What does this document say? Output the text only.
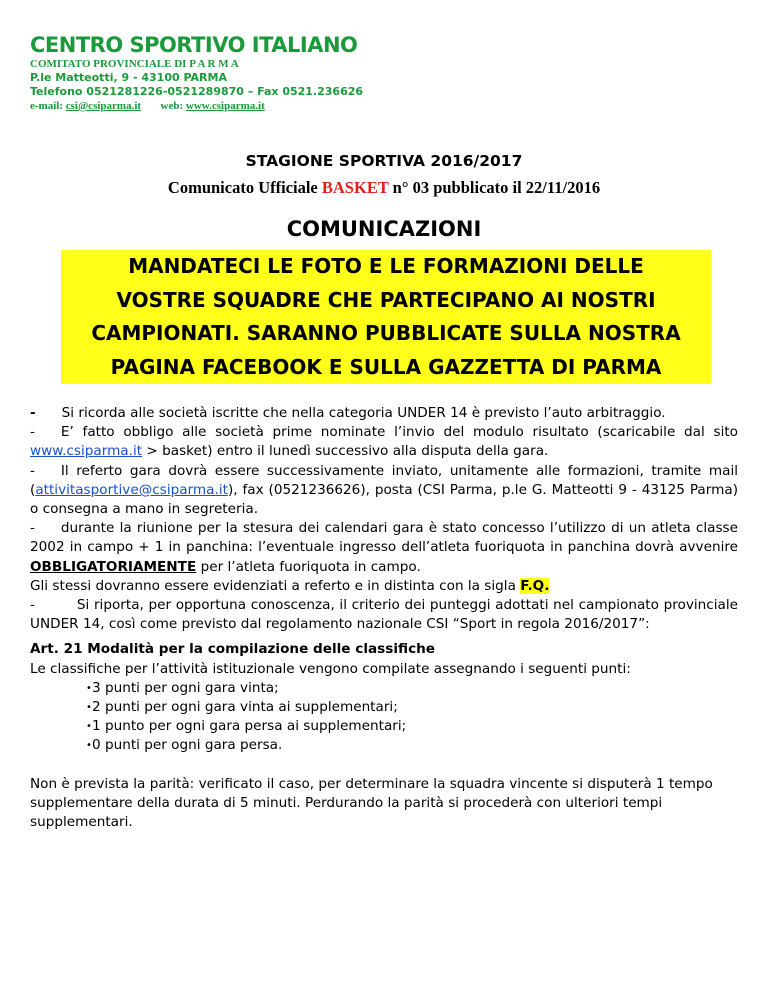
CENTRO SPORTIVO ITALIANO
COMITATO PROVINCIALE DI P A R M A
P.le Matteotti, 9 - 43100 PARMA
Telefono 0521281226-0521289870 – Fax 0521.236626
e-mail: csi@csiparma.it web: www.csiparma.it
STAGIONE SPORTIVA 2016/2017
Comunicato Ufficiale BASKET n° 03 pubblicato il 22/11/2016
COMUNICAZIONI
MANDATECI LE FOTO E LE FORMAZIONI DELLE
VOSTRE SQUADRE CHE PARTECIPANO AI NOSTRI
CAMPIONATI. SARANNO PUBBLICATE SULLA NOSTRA
PAGINA FACEBOOK E SULLA GAZZETTA DI PARMA
- Si ricorda alle società iscritte che nella categoria UNDER 14 è previsto l’auto arbitraggio.
- E’ fatto obbligo alle società prime nominate l’invio del modulo risultato (scaricabile dal sito www.csiparma.it > basket) entro il lunedì successivo alla disputa della gara.
- Il referto gara dovrà essere successivamente inviato, unitamente alle formazioni, tramite mail (attivitasportive@csiparma.it), fax (0521236626), posta (CSI Parma, p.le G. Matteotti 9 - 43125 Parma) o consegna a mano in segreteria.
- durante la riunione per la stesura dei calendari gara è stato concesso l’utilizzo di un atleta classe 2002 in campo + 1 in panchina: l’eventuale ingresso dell’atleta fuoriquota in panchina dovrà avvenire OBBLIGATORIAMENTE per l’atleta fuoriquota in campo.
Gli stessi dovranno essere evidenziati a referto e in distinta con la sigla F.Q.
-	Si riporta, per opportuna conoscenza, il criterio dei punteggi adottati nel campionato provinciale UNDER 14, così come previsto dal regolamento nazionale CSI “Sport in regola 2016/2017”:
Art. 21 Modalità per la compilazione delle classifiche
Le classifiche per l’attività istituzionale vengono compilate assegnando i seguenti punti:
• 3 punti per ogni gara vinta;
• 2 punti per ogni gara vinta ai supplementari;
• 1 punto per ogni gara persa ai supplementari;
• 0 punti per ogni gara persa.
Non è prevista la parità: verificato il caso, per determinare la squadra vincente si disputerà 1 tempo supplementare della durata di 5 minuti. Perdurando la parità si procederà con ulteriori tempi supplementari.
